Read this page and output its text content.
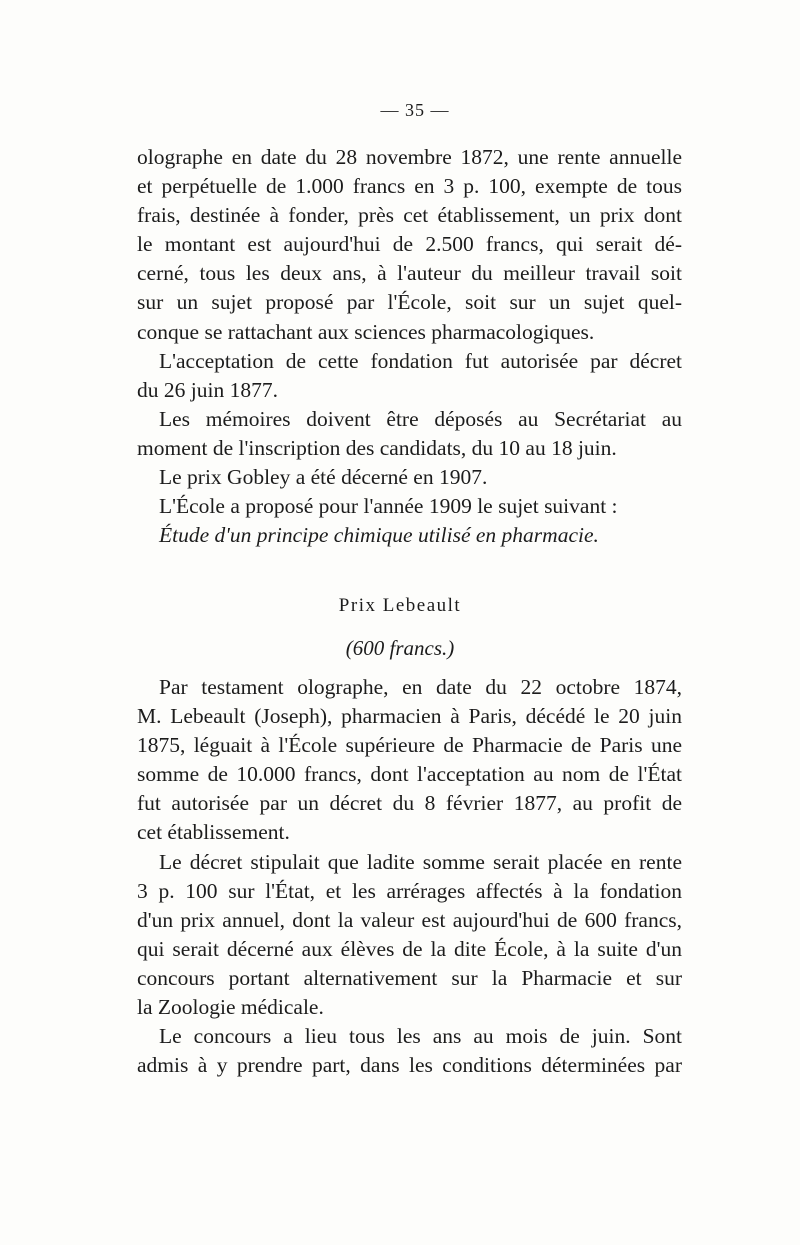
— 35 —
olographe en date du 28 novembre 1872, une rente annuelle
et perpétuelle de 1.000 francs en 3 p. 100, exempte de tous
frais, destinée à fonder, près cet établissement, un prix dont
le montant est aujourd'hui de 2.500 francs, qui serait dé-
cerné, tous les deux ans, à l'auteur du meilleur travail soit
sur un sujet proposé par l'École, soit sur un sujet quel-
conque se rattachant aux sciences pharmacologiques.
L'acceptation de cette fondation fut autorisée par décret
du 26 juin 1877.
Les mémoires doivent être déposés au Secrétariat au
moment de l'inscription des candidats, du 10 au 18 juin.
Le prix Gobley a été décerné en 1907.
L'École a proposé pour l'année 1909 le sujet suivant :
Étude d'un principe chimique utilisé en pharmacie.
Prix Lebeault
(600 francs.)
Par testament olographe, en date du 22 octobre 1874,
M. Lebeault (Joseph), pharmacien à Paris, décédé le 20 juin
1875, léguait à l'École supérieure de Pharmacie de Paris une
somme de 10.000 francs, dont l'acceptation au nom de l'État
fut autorisée par un décret du 8 février 1877, au profit de
cet établissement.
Le décret stipulait que ladite somme serait placée en rente
3 p. 100 sur l'État, et les arrérages affectés à la fondation
d'un prix annuel, dont la valeur est aujourd'hui de 600 francs,
qui serait décerné aux élèves de la dite École, à la suite d'un
concours portant alternativement sur la Pharmacie et sur
la Zoologie médicale.
Le concours a lieu tous les ans au mois de juin. Sont
admis à y prendre part, dans les conditions déterminées par
